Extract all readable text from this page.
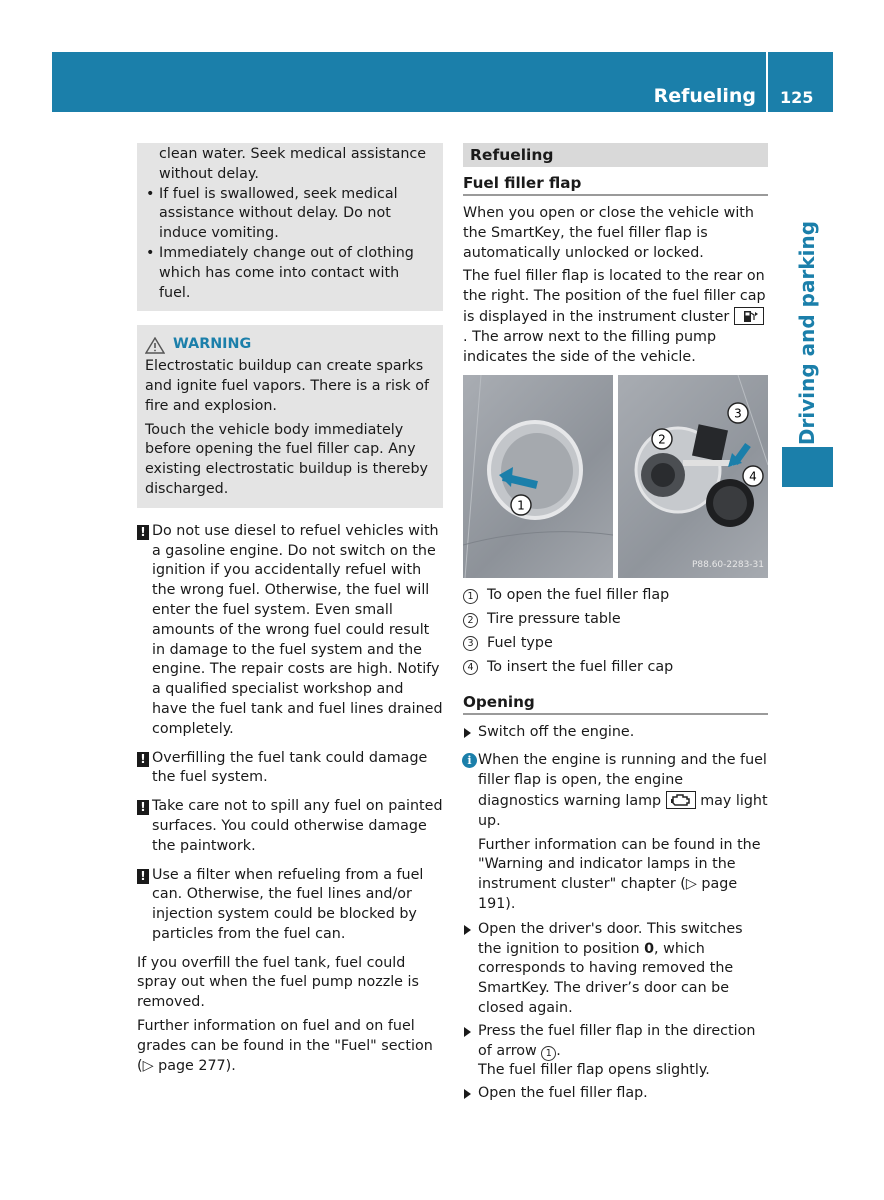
Refueling 125
Driving and parking

clean water. Seek medical assistance without delay.

• If fuel is swallowed, seek medical assistance without delay. Do not induce vomiting.

• Immediately change out of clothing which has come into contact with fuel.

WARNING

Electrostatic buildup can create sparks and ignite fuel vapors. There is a risk of fire and explosion.

Touch the vehicle body immediately before opening the fuel filler cap. Any existing electrostatic buildup is thereby discharged.

! Do not use diesel to refuel vehicles with a gasoline engine. Do not switch on the ignition if you accidentally refuel with the wrong fuel. Otherwise, the fuel will enter the fuel system. Even small amounts of the wrong fuel could result in damage to the fuel system and the engine. The repair costs are high. Notify a qualified specialist workshop and have the fuel tank and fuel lines drained completely.
! Overfilling the fuel tank could damage the fuel system.
! Take care not to spill any fuel on painted surfaces. You could otherwise damage the paintwork.
! Use a filter when refueling from a fuel can. Otherwise, the fuel lines and/or injection system could be blocked by particles from the fuel can.

If you overfill the fuel tank, fuel could spray out when the fuel pump nozzle is removed.

Further information on fuel and on fuel grades can be found in the "Fuel" section
(▷ page 277).

Refueling
Fuel filler flap

When you open or close the vehicle with the SmartKey, the fuel filler flap is automatically unlocked or locked.

The fuel filler flap is located to the rear on the right. The position of the fuel filler cap is displayed in the instrument cluster . The arrow next to the filling pump indicates the side of the vehicle.

1
3
2
4
P88.60-2283-31

1 To open the fuel filler flap

2 Tire pressure table

3 Fuel type

4 To insert the fuel filler cap

Opening
Switch off the engine.
i When the engine is running and the fuel filler flap is open, the engine diagnostics warning lamp	may light up.

Further information can be found in the "Warning and indicator lamps in the instrument cluster" chapter (▷ page 191).

Open the driver's door. This switches the ignition to position 0, which corresponds to having removed the SmartKey. The driver’s door can be closed again.
Press the fuel filler flap in the direction of arrow 1 .
The fuel filler flap opens slightly.
Open the fuel filler flap.
